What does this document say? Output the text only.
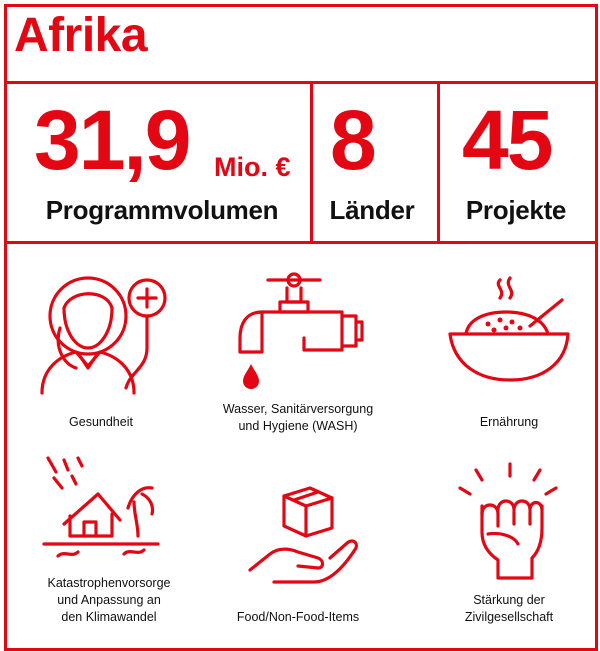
Afrika

31,9 Mio. €

Programmvolumen

8

Länder

45

Projekte

Gesundheit

Wasser, Sanitärversorgung
und Hygiene (WASH)	Ernährung

Katastrophenvorsorge
und Anpassung an
den Klimawandel	Food/Non-Food-Items

Stärkung der
Zivilgesellschaft
